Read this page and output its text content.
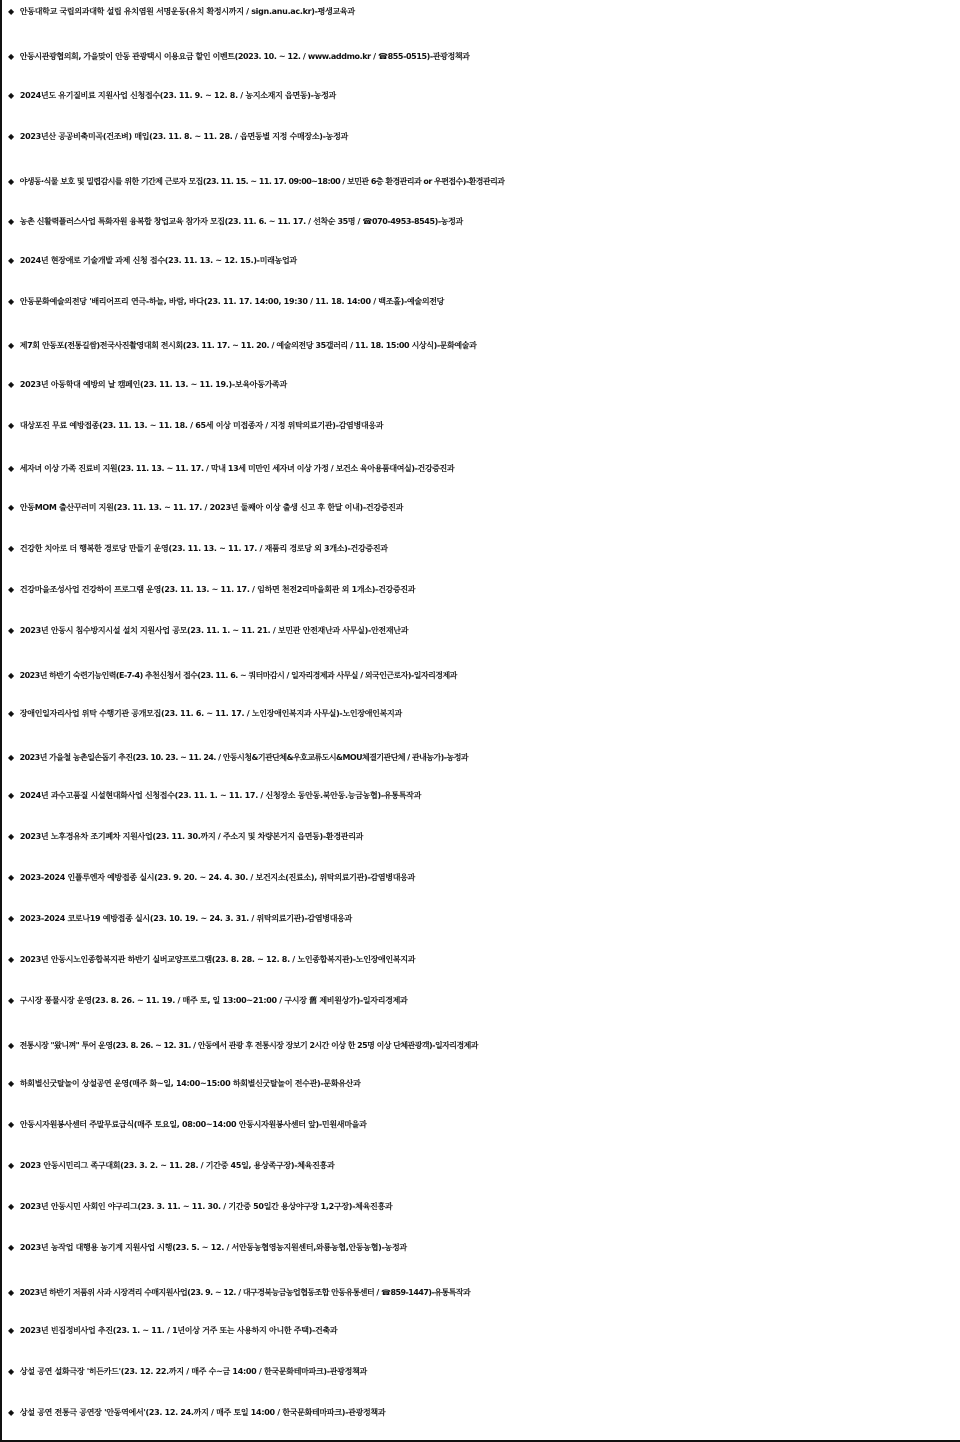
◆ 안동대학교 국립의과대학 설립 유치염원 서명운동(유치 확정시까지 / sign.anu.ac.kr)-평생교육과
◆ 안동시관광협의회, 가을맞이 안동 관광택시 이용요금 할인 이벤트(2023. 10. ~ 12. / www.addmo.kr / ☎855-0515)-관광정책과
◆ 2024년도 유기질비료 지원사업 신청접수(23. 11. 9. ~ 12. 8. / 농지소재지 읍면동)-농정과
◆ 2023년산 공공비축미곡(건조벼) 매입(23. 11. 8. ~ 11. 28. / 읍면동별 지정 수매장소)-농정과
◆ 야생동·식물 보호 및 밀렵감시를 위한 기간제 근로자 모집(23. 11. 15. ~ 11. 17. 09:00~18:00 / 보민관 6층 환경관리과 or 우편접수)-환경관리과
◆ 농촌 신활력플러스사업 특화자원 융복합 창업교육 참가자 모집(23. 11. 6. ~ 11. 17. / 선착순 35명 / ☎070-4953-8545)-농정과
◆ 2024년 현장애로 기술개발 과제 신청 접수(23. 11. 13. ~ 12. 15.)-미래농업과
◆ 안동문화예술의전당 '배리어프리 연극-하늘, 바람, 바다(23. 11. 17. 14:00, 19:30 / 11. 18. 14:00 / 백조홀)-예술의전당
◆ 제7회 안동포(전통길쌈)전국사진촬영대회 전시회(23. 11. 17. ~ 11. 20. / 예술의전당 35갤러리 / 11. 18. 15:00 시상식)-문화예술과
◆ 2023년 아동학대 예방의 날 캠페인(23. 11. 13. ~ 11. 19.)-보육아동가족과
◆ 대상포진 무료 예방접종(23. 11. 13. ~ 11. 18. / 65세 이상 미접종자 / 지정 위탁의료기관)-감염병대응과
◆ 세자녀 이상 가족 진료비 지원(23. 11. 13. ~ 11. 17. / 막내 13세 미만인 세자녀 이상 가정 / 보건소 육아용품대여실)-건강증진과
◆ 안동MOM 출산꾸러미 지원(23. 11. 13. ~ 11. 17. / 2023년 둘째아 이상 출생 신고 후 한달 이내)-건강증진과
◆ 건강한 치아로 더 행복한 경로당 만들기 운영(23. 11. 13. ~ 11. 17. / 재품리 경로당 외 3개소)-건강증진과
◆ 건강마을조성사업 건강하이 프로그램 운영(23. 11. 13. ~ 11. 17. / 임하면 천전2리마을회관 외 1개소)-건강증진과
◆ 2023년 안동시 침수방지시설 설치 지원사업 공모(23. 11. 1. ~ 11. 21. / 보민관 안전재난과 사무실)-안전재난과
◆ 2023년 하반기 숙련기능인력(E-7-4) 추천신청서 접수(23. 11. 6. ~ 쿼터마감시 / 일자리경제과 사무실 / 외국인근로자)-일자리경제과
◆ 장애인일자리사업 위탁 수행기관 공개모집(23. 11. 6. ~ 11. 17. / 노인장애인복지과 사무실)-노인장애인복지과
◆ 2023년 가을철 농촌일손돕기 추진(23. 10. 23. ~ 11. 24. / 안동시청&기관단체&우호교류도시&MOU체결기관단체 / 관내농가)-농정과
◆ 2024년 과수고품질 시설현대화사업 신청접수(23. 11. 1. ~ 11. 17. / 신청장소 동안동.북안동.능금농협)-유통특작과
◆ 2023년 노후경유차 조기폐차 지원사업(23. 11. 30.까지 / 주소지 및 차량본거지 읍면동)-환경관리과
◆ 2023-2024 인플루엔자 예방접종 실시(23. 9. 20. ~ 24. 4. 30. / 보건지소(진료소), 위탁의료기관)-감염병대응과
◆ 2023-2024 코로나19 예방접종 실시(23. 10. 19. ~ 24. 3. 31. / 위탁의료기관)-감염병대응과
◆ 2023년 안동시노인종합복지관 하반기 실버교양프로그램(23. 8. 28. ~ 12. 8. / 노인종합복지관)-노인장애인복지과
◆ 구시장 풍물시장 운영(23. 8. 26. ~ 11. 19. / 매주 토, 일 13:00~21:00 / 구시장 舊 제비원상가)-일자리경제과
◆ 전통시장 "왔니껴" 투어 운영(23. 8. 26. ~ 12. 31. / 안동에서 관광 후 전통시장 장보기 2시간 이상 한 25명 이상 단체관광객)-일자리경제과
◆ 하회별신굿탈놀이 상설공연 운영(매주 화~일, 14:00~15:00 하회별신굿탈놀이 전수관)-문화유산과
◆ 안동시자원봉사센터 주말무료급식(매주 토요일, 08:00~14:00 안동시자원봉사센터 앞)-민원새마을과
◆ 2023 안동시민리그 족구대회(23. 3. 2. ~ 11. 28. / 기간중 45일, 용상족구장)-체육진흥과
◆ 2023년 안동시민 사회인 야구리그(23. 3. 11. ~ 11. 30. / 기간중 50일간 용상야구장 1,2구장)-체육진흥과
◆ 2023년 농작업 대행용 농기계 지원사업 시행(23. 5. ~ 12. / 서안동농협영농지원센터,와룡농협,안동농협)-농정과
◆ 2023년 하반기 저품위 사과 시장격리 수매지원사업(23. 9. ~ 12. / 대구경북능금농업협동조합 안동유통센터 / ☎859-1447)-유통특작과
◆ 2023년 빈집정비사업 추진(23. 1. ~ 11. / 1년이상 거주 또는 사용하지 아니한 주택)-건축과
◆ 상설 공연 설화극장 '히든카드'(23. 12. 22.까지 / 매주 수~금 14:00 / 한국문화테마파크)-관광정책과
◆ 상설 공연 전통극 공연장 '안동역에서'(23. 12. 24.까지 / 매주 토일 14:00 / 한국문화테마파크)-관광정책과
